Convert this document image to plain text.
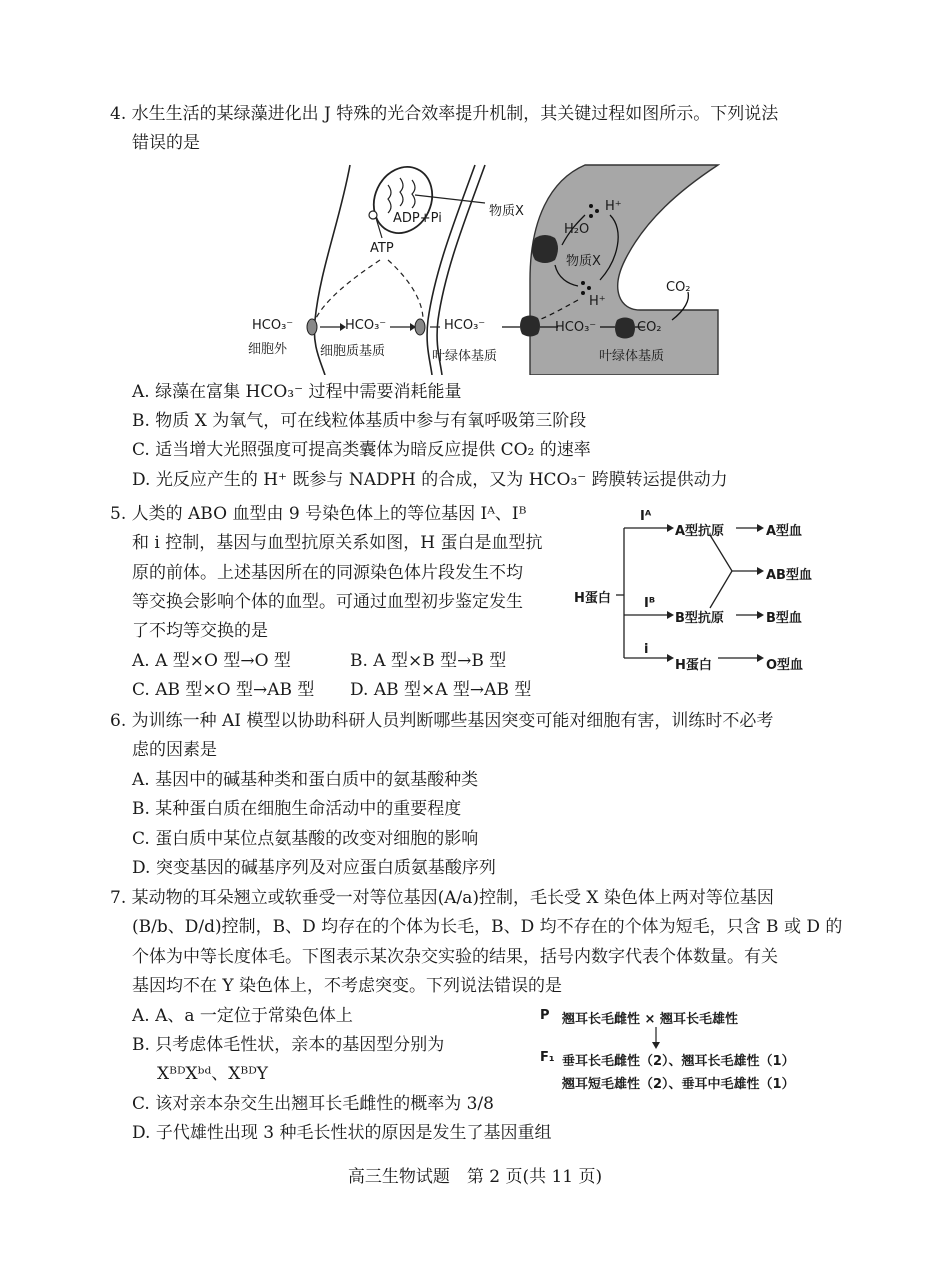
4. 水生生活的某绿藻进化出 J 特殊的光合效率提升机制，其关键过程如图所示。下列说法
错误的是
ADP+Pi
ATP
物质X
HCO₃⁻	HCO₃⁻	HCO₃⁻
细胞外	细胞质基质	叶绿体基质
H₂O
H⁺
物质X
H⁺
HCO₃⁻	CO₂
CO₂
叶绿体基质
A. 绿藻在富集 HCO₃⁻ 过程中需要消耗能量
B. 物质 X 为氧气，可在线粒体基质中参与有氧呼吸第三阶段
C. 适当增大光照强度可提高类囊体为暗反应提供 CO₂ 的速率
D. 光反应产生的 H⁺ 既参与 NADPH 的合成，又为 HCO₃⁻ 跨膜转运提供动力
5. 人类的 ABO 血型由 9 号染色体上的等位基因 Iᴬ、Iᴮ
和 i 控制，基因与血型抗原关系如图，H 蛋白是血型抗
原的前体。上述基因所在的同源染色体片段发生不均
等交换会影响个体的血型。可通过血型初步鉴定发生
了不均等交换的是
A. A 型×O 型→O 型	B. A 型×B 型→B 型
C. AB 型×O 型→AB 型 D. AB 型×A 型→AB 型
H蛋白
Iᴬ
Iᴮ
i
A型抗原
B型抗原
H蛋白
A型血
AB型血
B型血
O型血
6. 为训练一种 AI 模型以协助科研人员判断哪些基因突变可能对细胞有害，训练时不必考
虑的因素是
A. 基因中的碱基种类和蛋白质中的氨基酸种类
B. 某种蛋白质在细胞生命活动中的重要程度
C. 蛋白质中某位点氨基酸的改变对细胞的影响
D. 突变基因的碱基序列及对应蛋白质氨基酸序列
7. 某动物的耳朵翘立或软垂受一对等位基因(A/a)控制，毛长受 X 染色体上两对等位基因
(B/b、D/d)控制，B、D 均存在的个体为长毛，B、D 均不存在的个体为短毛，只含 B 或 D 的
个体为中等长度体毛。下图表示某次杂交实验的结果，括号内数字代表个体数量。有关
基因均不在 Y 染色体上，不考虑突变。下列说法错误的是
A. A、a 一定位于常染色体上
B. 只考虑体毛性状，亲本的基因型分别为
XᴮᴰXᵇᵈ、XᴮᴰY
C. 该对亲本杂交生出翘耳长毛雌性的概率为 3/8
D. 子代雄性出现 3 种毛长性状的原因是发生了基因重组
P 翘耳长毛雌性 × 翘耳长毛雄性
F₁ 垂耳长毛雌性（2）、翘耳长毛雄性（1）
翘耳短毛雄性（2）、垂耳中毛雄性（1）
高三生物试题　第 2 页(共 11 页)
